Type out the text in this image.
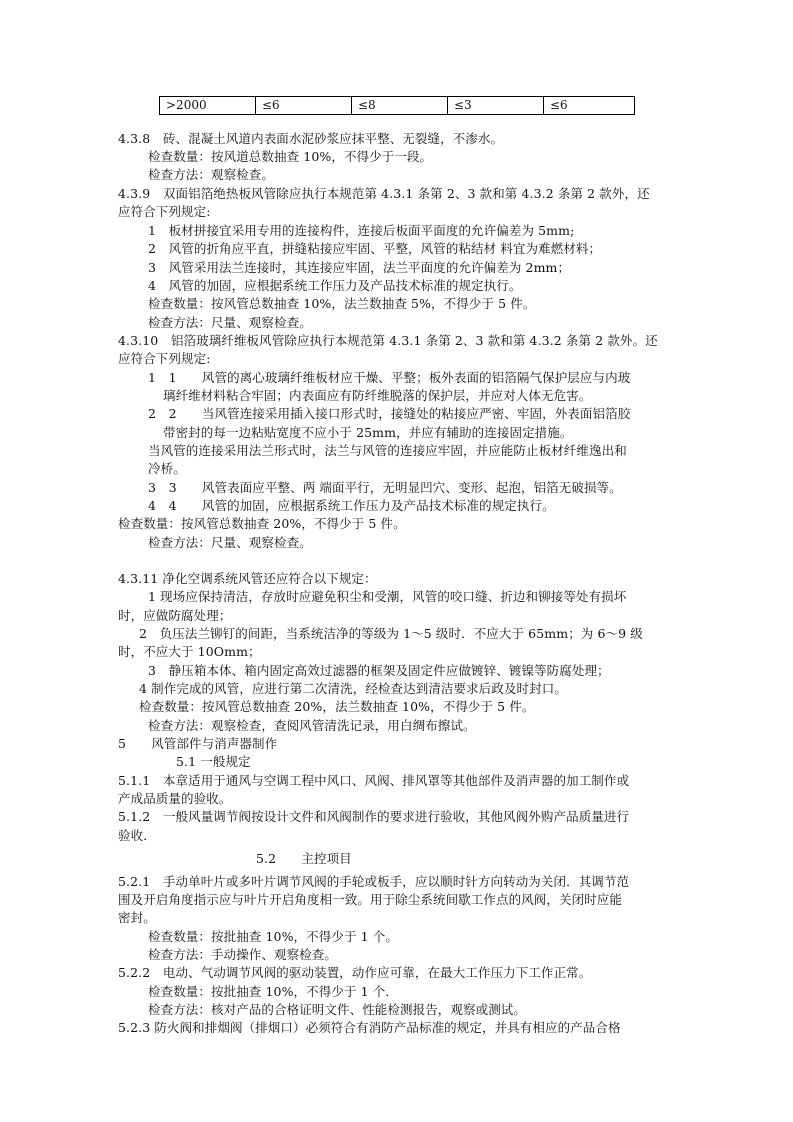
>2000	≤6	≤8	≤3	≤6
4.3.8　砖、混凝土风道内表面水泥砂浆应抹平整、无裂缝，不渗水。
检查数量：按风道总数抽查 10%，不得少于一段。
检查方法：观察检查。
4.3.9　双面铝箔绝热板风管除应执行本规范第 4.3.1 条第 2、3 款和第 4.3.2 条第 2 款外，还
应符合下列规定:
1　板材拼接宜采用专用的连接构件，连接后板面平面度的允许偏差为 5mm;
2　风管的折角应平直，拼缝粘接应牢固、平整，风管的粘结材 料宜为难燃材料；
3　风管采用法兰连接时，其连接应牢固，法兰平面度的允许偏差为 2mm；
4　风管的加固，应根据系统工作压力及产品技术标准的规定执行。
检查数量：按风管总数抽查 10%，法兰数抽查 5%，不得少于 5 件。
检查方法：尺量、观察检查。
4.3.10　铝箔玻璃纤维板风管除应执行本规范第 4.3.1 条第 2、3 款和第 4.3.2 条第 2 款外。还
应符合下列规定:
1　1　　风管的离心玻璃纤维板材应干燥、平整；板外表面的铝箔隔气保护层应与内玻
璃纤维材料粘合牢固；内表面应有防纤维脱落的保护层，并应对人体无危害。
2　2　　当风管连接采用插入接口形式时，接缝处的粘接应严密、牢固，外表面铝箔胶
带密封的每一边粘贴宽度不应小于 25mm，并应有辅助的连接固定措施。
当风管的连接采用法兰形式时，法兰与风管的连接应牢固，并应能防止板材纤维逸出和
冷桥。
3　3　　风管表面应平整、两 端面平行，无明显凹穴、变形、起泡，铝箔无破损等。
4　4　　风管的加固，应根据系统工作压力及产品技术标准的规定执行。
检查数量：按风管总数抽查 20%，不得少于 5 件。
检查方法：尺量、观察检查。
4.3.11 净化空调系统风管还应符合以下规定：
1 现场应保持清洁，存放时应避免积尘和受潮，风管的咬口缝、折边和铆接等处有损坏
时，应做防腐处理；
2　负压法兰铆钉的间距，当系统洁净的等级为 1～5 级时．不应大于 65mm；为 6～9 级
时，不应大于 10Omm；
3　静压箱本体、箱内固定高效过滤器的框架及固定件应做镀锌、镀镍等防腐处理；
4 制作完成的风管，应进行第二次清洗，经检查达到清洁要求后政及时封口。
检查数量：按风管总数抽查 20%，法兰数抽查 10%，不得少于 5 件。
检查方法：观察检查，查阅风管清洗记录，用白绸布擦试。
5　　风管部件与消声器制作
5.1 一般规定
5.1.1　本章适用于通风与空调工程中风口、风阀、排风罩等其他部件及消声器的加工制作或
产成品质量的验收。
5.1.2　一般风量调节阀按设计文件和风阀制作的要求进行验收，其他风阀外购产品质量进行
验收．
5.2　　主控项目
5.2.1　手动单叶片或多叶片调节风阀的手轮或板手，应以顺时针方向转动为关闭．其调节范
围及开启角度指示应与叶片开启角度相一致。用于除尘系统间歇工作点的风阀，关闭时应能
密封。
检查数量：按批抽查 10%，不得少于 1 个。
检查方法：手动操作、观察检查。
5.2.2　电动、气动调节风阀的驱动装置，动作应可靠，在最大工作压力下工作正常。
检查数量：按批抽查 10%，不得少于 1 个．
检查方法：核对产品的合格证明文件、性能检测报告，观察或测试。
5.2.3 防火阀和排烟阀（排烟口）必须符合有消防产品标准的规定，并具有相应的产品合格
